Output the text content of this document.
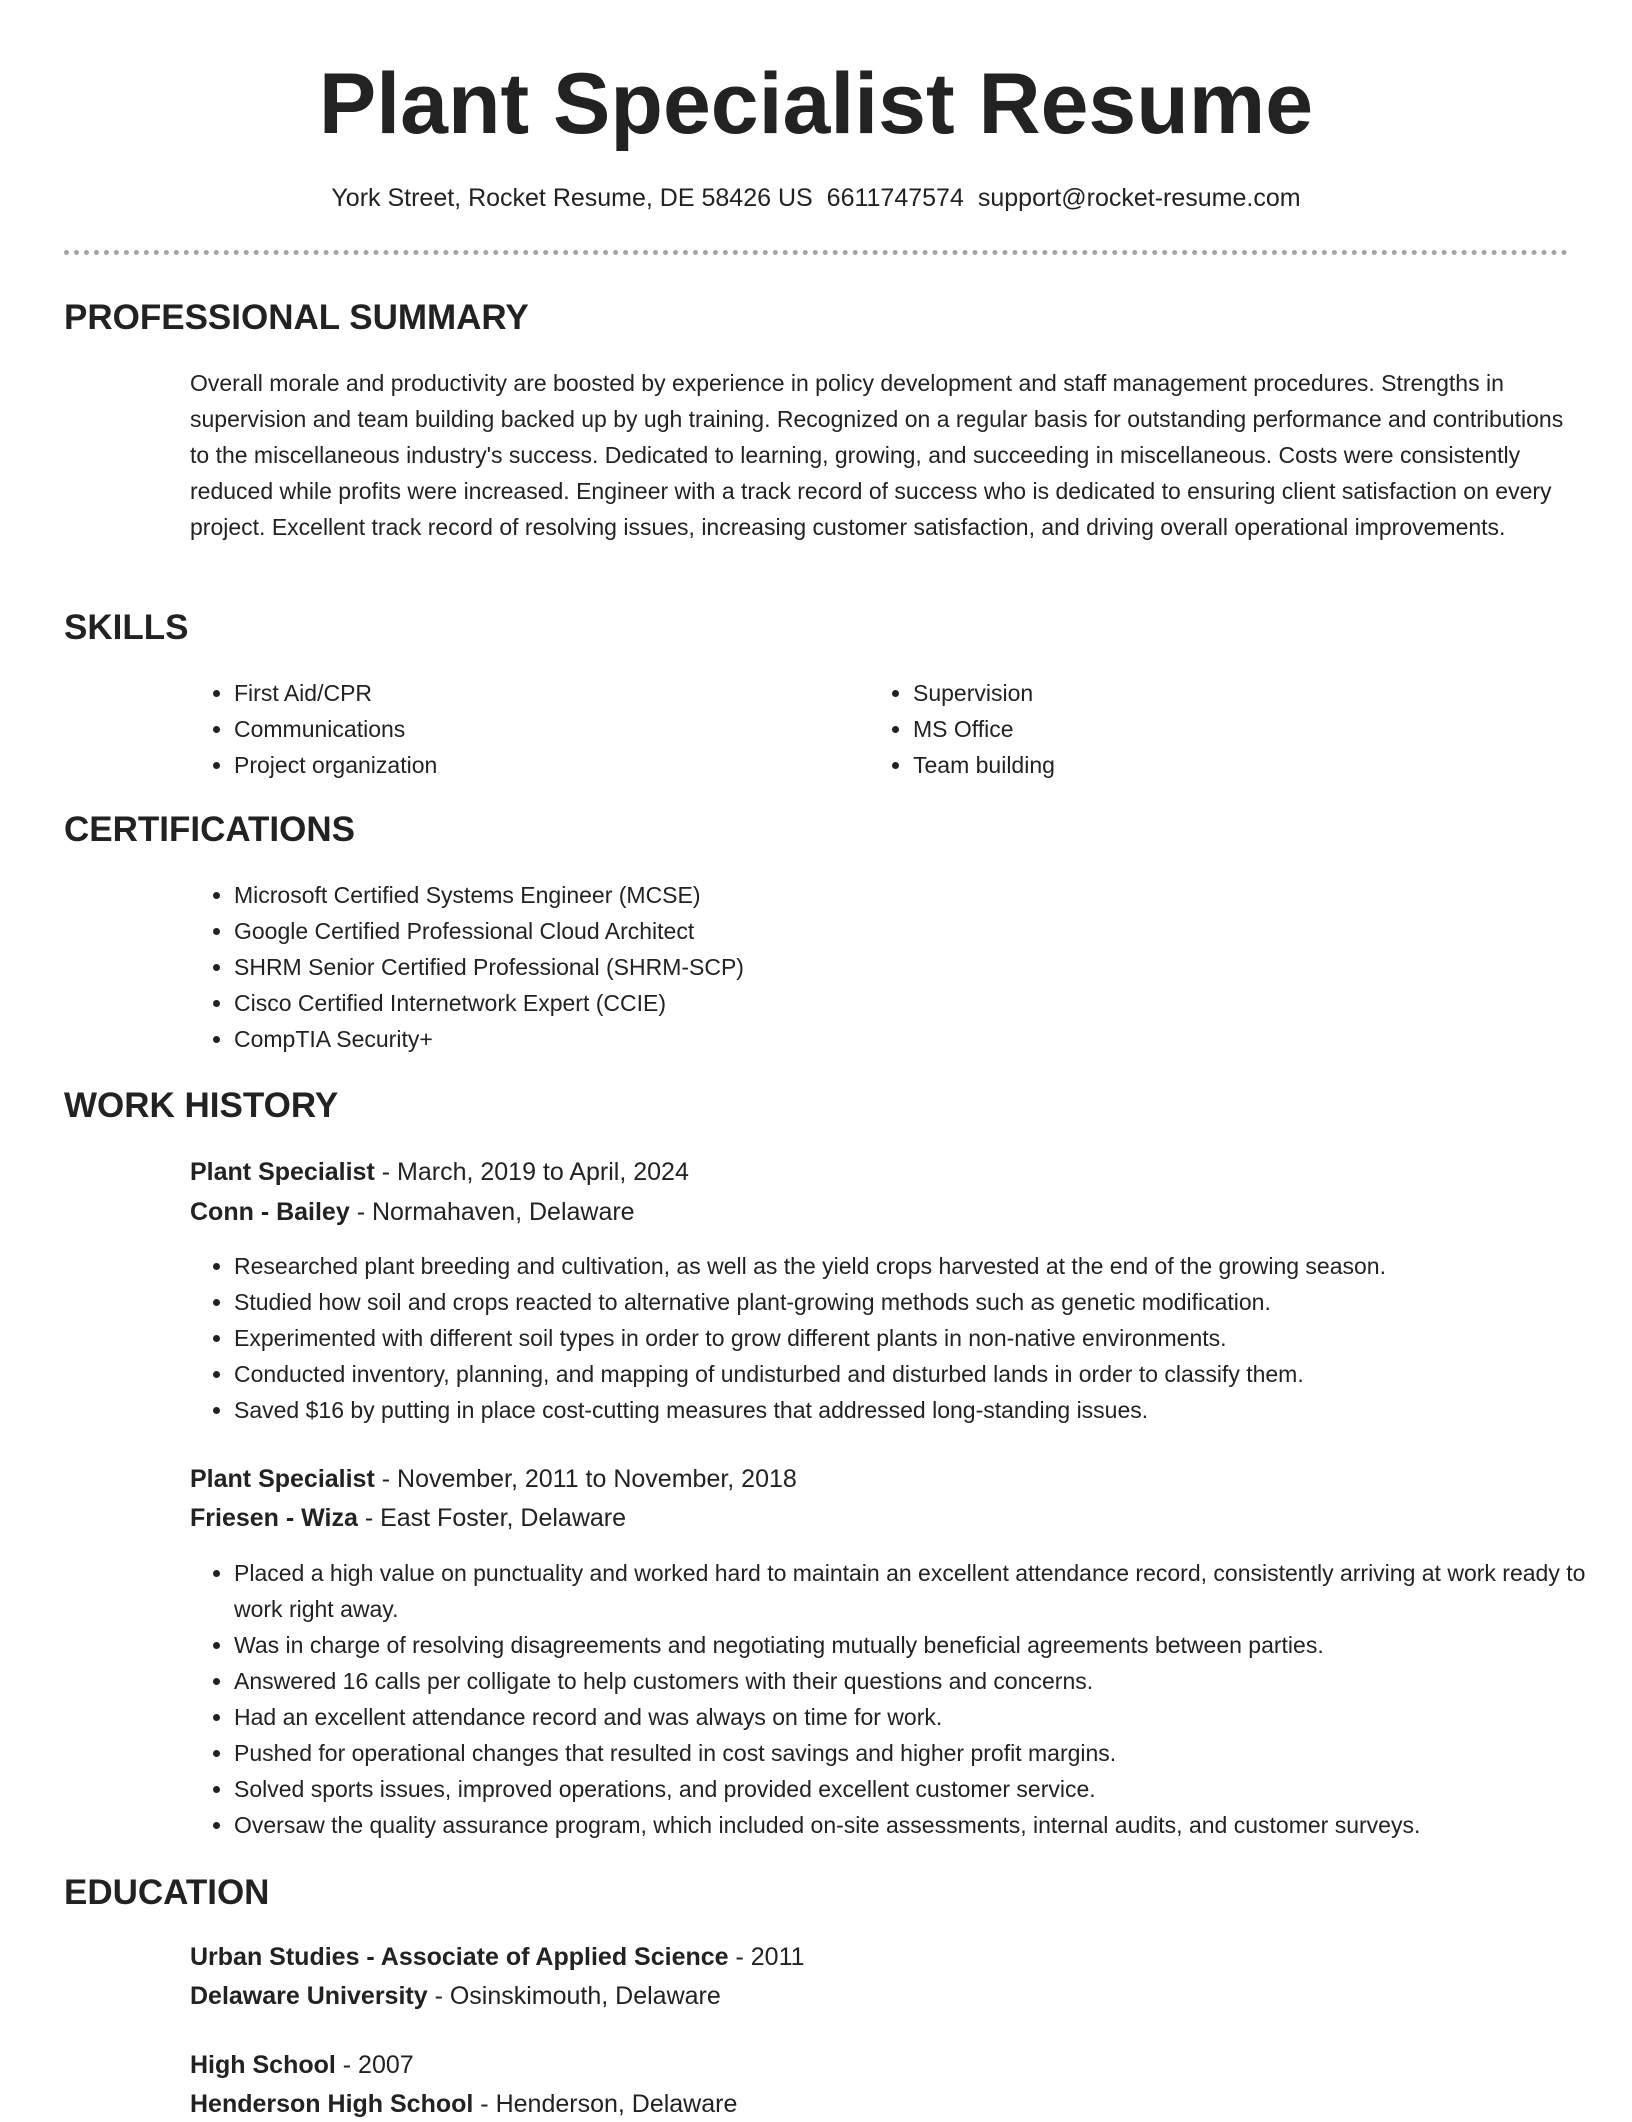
Plant Specialist Resume
York Street, Rocket Resume, DE 58426 US 6611747574 support@rocket-resume.com
PROFESSIONAL SUMMARY

Overall morale and productivity are boosted by experience in policy development and staff management procedures. Strengths in supervision and team building backed up by ugh training. Recognized on a regular basis for outstanding performance and contributions to the miscellaneous industry's success. Dedicated to learning, growing, and succeeding in miscellaneous. Costs were consistently reduced while profits were increased. Engineer with a track record of success who is dedicated to ensuring client satisfaction on every project. Excellent track record of resolving issues, increasing customer satisfaction, and driving overall operational improvements.

SKILLS
• First Aid/CPR
• Communications
• Project organization
• Supervision
• MS Office
• Team building
CERTIFICATIONS
• Microsoft Certified Systems Engineer (MCSE)
• Google Certified Professional Cloud Architect
• SHRM Senior Certified Professional (SHRM-SCP)
• Cisco Certified Internetwork Expert (CCIE)
• CompTIA Security+
WORK HISTORY
Plant Specialist - March, 2019 to April, 2024
Conn - Bailey - Normahaven, Delaware
• Researched plant breeding and cultivation, as well as the yield crops harvested at the end of the growing season.
• Studied how soil and crops reacted to alternative plant-growing methods such as genetic modification.
• Experimented with different soil types in order to grow different plants in non-native environments.
• Conducted inventory, planning, and mapping of undisturbed and disturbed lands in order to classify them.
• Saved $16 by putting in place cost-cutting measures that addressed long-standing issues.
Plant Specialist - November, 2011 to November, 2018
Friesen - Wiza - East Foster, Delaware
• Placed a high value on punctuality and worked hard to maintain an excellent attendance record, consistently arriving at work ready to work right away.
• Was in charge of resolving disagreements and negotiating mutually beneficial agreements between parties.
• Answered 16 calls per colligate to help customers with their questions and concerns.
• Had an excellent attendance record and was always on time for work.
• Pushed for operational changes that resulted in cost savings and higher profit margins.
• Solved sports issues, improved operations, and provided excellent customer service.
• Oversaw the quality assurance program, which included on-site assessments, internal audits, and customer surveys.
EDUCATION
Urban Studies - Associate of Applied Science - 2011
Delaware University - Osinskimouth, Delaware
High School - 2007
Henderson High School - Henderson, Delaware
